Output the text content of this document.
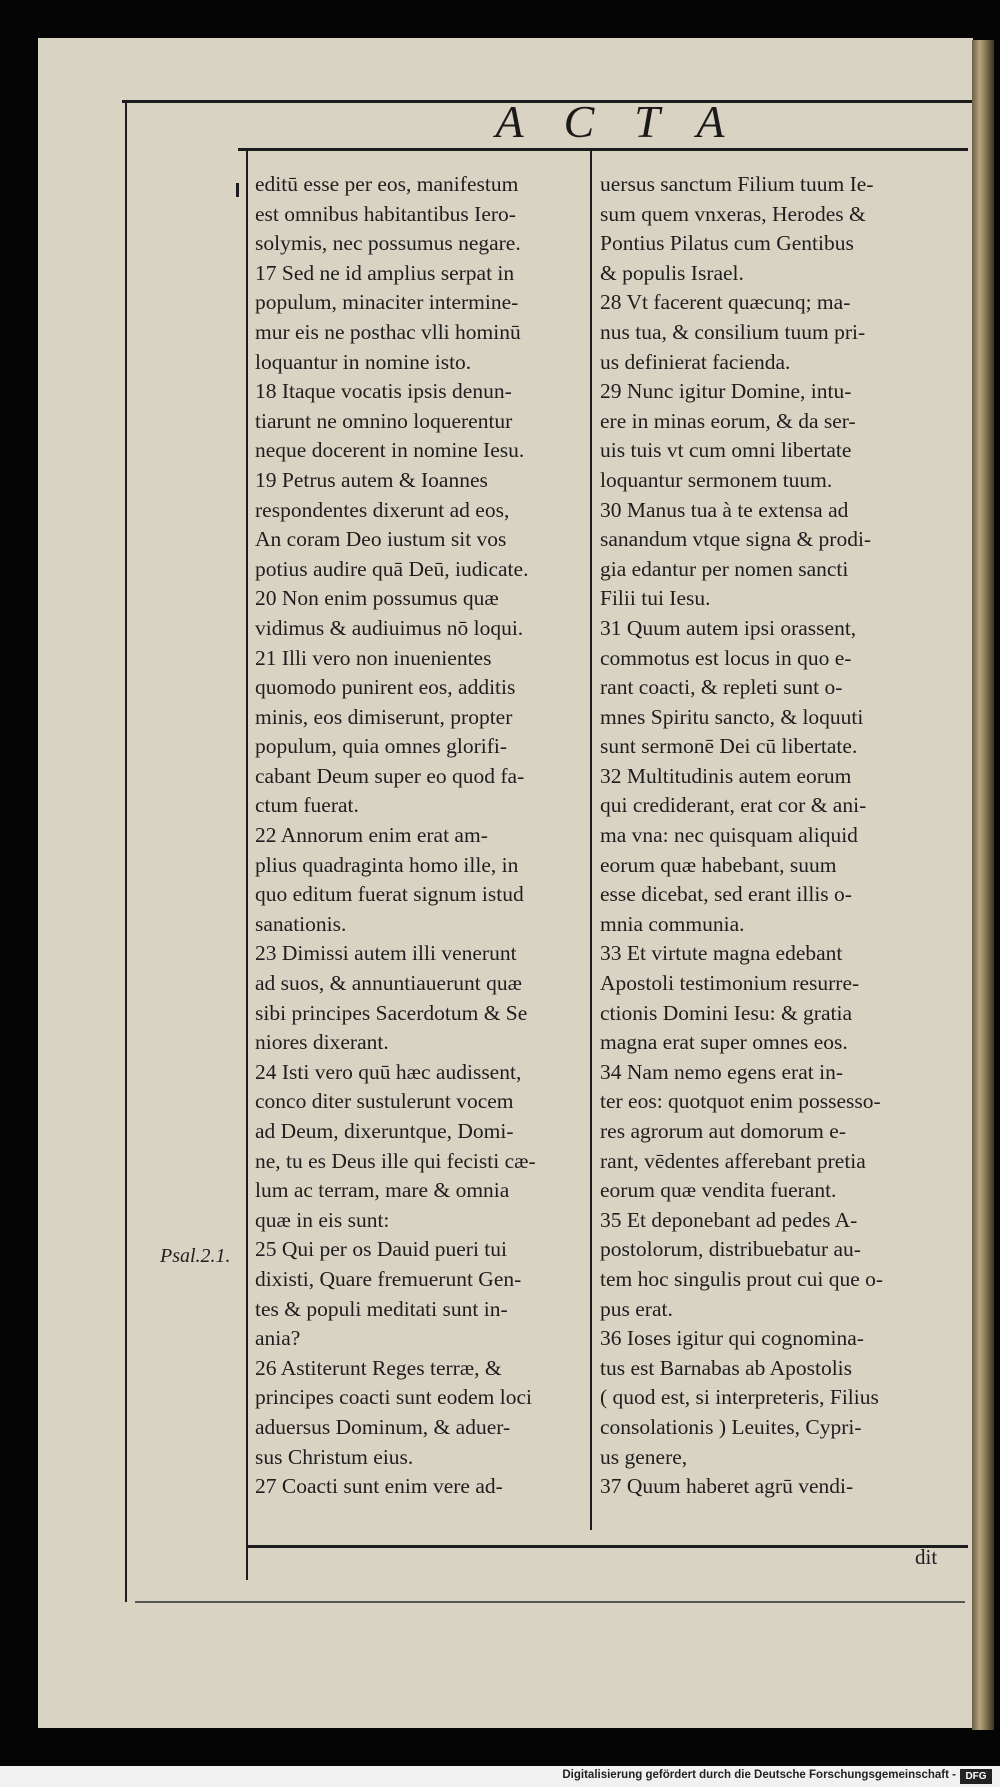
ACTA
editū esse per eos, manifestum
est omnibus habitantibus Iero-
solymis, nec possumus negare.
17 Sed ne id amplius serpat in
populum, minaciter intermine-
mur eis ne posthac vlli hominū
loquantur in nomine isto.
18 Itaque vocatis ipsis denun-
tiarunt ne omnino loquerentur
neque docerent in nomine Iesu.
19 Petrus autem & Ioannes
respondentes dixerunt ad eos,
An coram Deo iustum sit vos
potius audire quā Deū, iudicate.
20 Non enim possumus quæ
vidimus & audiuimus nō loqui.
21 Illi vero non inuenientes
quomodo punirent eos, additis
minis, eos dimiserunt, propter
populum, quia omnes glorifi-
cabant Deum super eo quod fa-
ctum fuerat.
22 Annorum enim erat am-
plius quadraginta homo ille, in
quo editum fuerat signum istud
sanationis.
23 Dimissi autem illi venerunt
ad suos, & annuntiauerunt quæ
sibi principes Sacerdotum & Se
niores dixerant.
24 Isti vero quū hæc audissent,
conco diter sustulerunt vocem
ad Deum, dixeruntque, Domi-
ne, tu es Deus ille qui fecisti cæ-
lum ac terram, mare & omnia
quæ in eis sunt:
25 Qui per os Dauid pueri tui
dixisti, Quare fremuerunt Gen-
tes & populi meditati sunt in-
ania?
26 Astiterunt Reges terræ, &
principes coacti sunt eodem loci
aduersus Dominum, & aduer-
sus Christum eius.
27 Coacti sunt enim vere ad-
uersus sanctum Filium tuum Ie-
sum quem vnxeras, Herodes &
Pontius Pilatus cum Gentibus
& populis Israel.
28 Vt facerent quæcunq; ma-
nus tua, & consilium tuum pri-
us definierat facienda.
29 Nunc igitur Domine, intu-
ere in minas eorum, & da ser-
uis tuis vt cum omni libertate
loquantur sermonem tuum.
30 Manus tua à te extensa ad
sanandum vtque signa & prodi-
gia edantur per nomen sancti
Filii tui Iesu.
31 Quum autem ipsi orassent,
commotus est locus in quo e-
rant coacti, & repleti sunt o-
mnes Spiritu sancto, & loquuti
sunt sermonē Dei cū libertate.
32 Multitudinis autem eorum
qui crediderant, erat cor & ani-
ma vna: nec quisquam aliquid
eorum quæ habebant, suum
esse dicebat, sed erant illis o-
mnia communia.
33 Et virtute magna edebant
Apostoli testimonium resurre-
ctionis Domini Iesu: & gratia
magna erat super omnes eos.
34 Nam nemo egens erat in-
ter eos: quotquot enim possesso-
res agrorum aut domorum e-
rant, vēdentes afferebant pretia
eorum quæ vendita fuerant.
35 Et deponebant ad pedes A-
postolorum, distribuebatur au-
tem hoc singulis prout cui que o-
pus erat.
36 Ioses igitur qui cognomina-
tus est Barnabas ab Apostolis
( quod est, si interpreteris, Filius
consolationis ) Leuites, Cypri-
us genere,
37 Quum haberet agrū vendi-
Psal.2.1.
dit
Digitalisierung gefördert durch die Deutsche Forschungsgemeinschaft - DFG
